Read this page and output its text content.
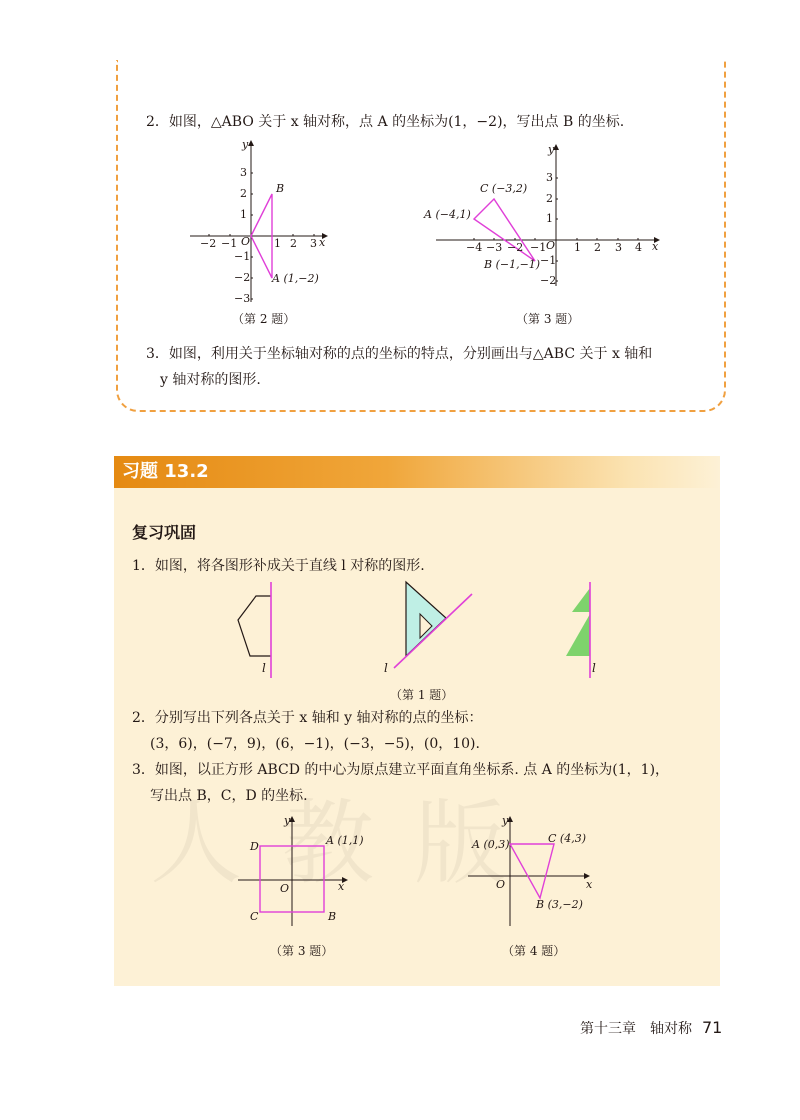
2．如图，△ABO 关于 x 轴对称，点 A 的坐标为(1，−2)，写出点 B 的坐标.
y
x
−2 −1	1 2 3
3
2
1
−1
−2
−3
O
B
A (1,−2)
（第 2 题）
y
x
−4 −3 −2 −1	1 2 3 4
3
2
1
−1
−2
O
C (−3,2)
A (−4,1)
B (−1,−1)
（第 3 题）
3．如图，利用关于坐标轴对称的点的坐标的特点，分别画出与△ABC 关于 x 轴和
y 轴对称的图形.
习题 13.2
复习巩固
1．如图，将各图形补成关于直线 l 对称的图形.
l	l	l
（第 1 题）
2．分别写出下列各点关于 x 轴和 y 轴对称的点的坐标：
(3，6)，(−7，9)，(6，−1)，(−3，−5)，(0，10).
3．如图，以正方形 ABCD 的中心为原点建立平面直角坐标系. 点 A 的坐标为(1，1)，
写出点 B，C，D 的坐标.
y
x
O
A (1,1)
B
C
D
（第 3 题）
y
x
O
A (0,3)	C (4,3)
B (3,−2)
（第 4 题）
第十三章　轴对称 71
